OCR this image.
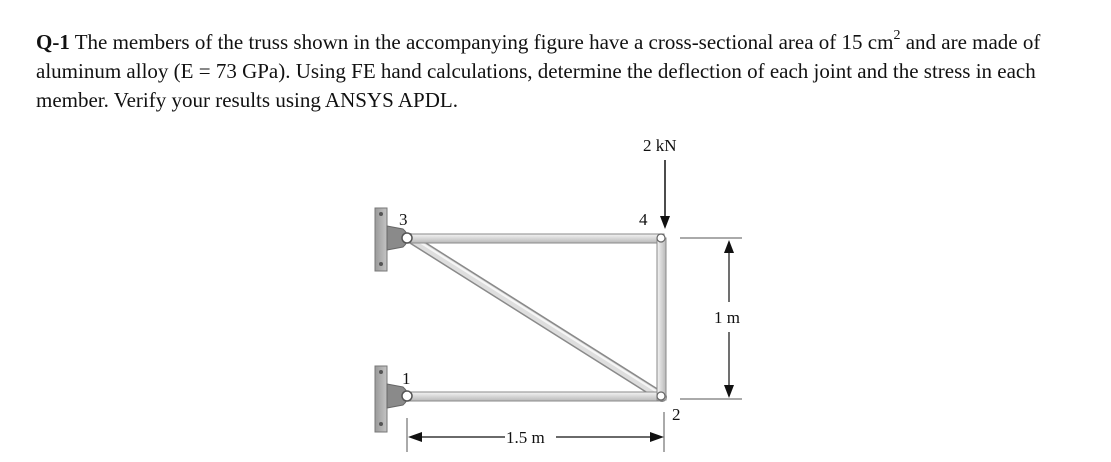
Q-1 The members of the truss shown in the accompanying figure have a cross-sectional area of 15 $cm^2$ and are made of aluminum alloy (E = 73 GPa). Using FE hand calculations, determine the deflection of each joint and the stress in each member. Verify your results using ANSYS APDL.

3
1
4
2
2 kN
1 m
1.5 m
